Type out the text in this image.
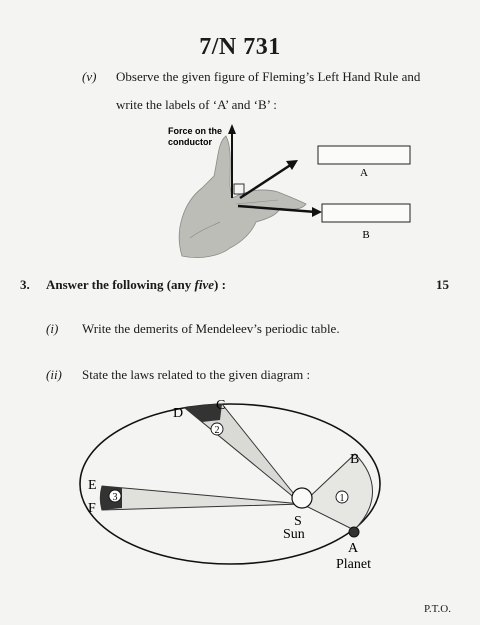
7/N 731
(v) Observe the given figure of Fleming’s Left Hand Rule and
write the labels of ‘A’ and ‘B’ :
Force on the
conductor
A
B
3. Answer the following (any five) :	15
(i) Write the demerits of Mendeleev’s periodic table.
(ii) State the laws related to the given diagram :
1
2
3
D
C
B
E
F
S
Sun
A
Planet
P.T.O.
